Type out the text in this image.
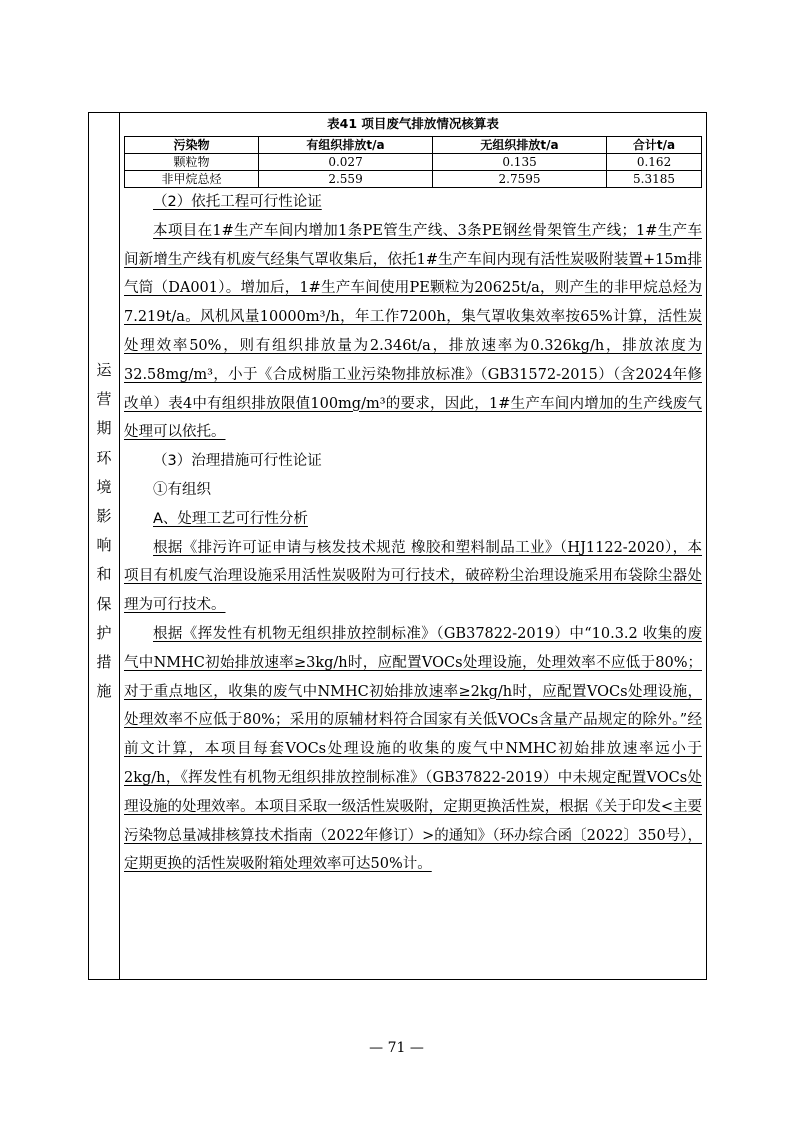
运
营
期
环
境
影
响
和
保
护
措
施
表41 项目废气排放情况核算表
污染物	有组织排放t/a	无组织排放t/a	合计t/a
颗粒物	0.027	0.135	0.162
非甲烷总烃	2.559	2.7595	5.3185
（2）依托工程可行性论证
本项目在1#生产车间内增加1条PE管生产线、3条PE钢丝骨架管生产线；1#生产车间新增生产线有机废气经集气罩收集后，依托1#生产车间内现有活性炭吸附装置+15m排气筒（DA001）。增加后，1#生产车间使用PE颗粒为20625t/a，则产生的非甲烷总烃为7.219t/a。风机风量10000m³/h，年工作7200h，集气罩收集效率按65%计算，活性炭处理效率50%，则有组织排放量为2.346t/a，排放速率为0.326kg/h，排放浓度为32.58mg/m³，小于《合成树脂工业污染物排放标准》（GB31572-2015）（含2024年修改单）表4中有组织排放限值100mg/m³的要求，因此，1#生产车间内增加的生产线废气处理可以依托。
（3）治理措施可行性论证
①有组织
A、处理工艺可行性分析
根据《排污许可证申请与核发技术规范 橡胶和塑料制品工业》（HJ1122-2020），本项目有机废气治理设施采用活性炭吸附为可行技术，破碎粉尘治理设施采用布袋除尘器处理为可行技术。
根据《挥发性有机物无组织排放控制标准》（GB37822-2019）中“10.3.2 收集的废气中NMHC初始排放速率≥3kg/h时，应配置VOCs处理设施，处理效率不应低于80%；对于重点地区，收集的废气中NMHC初始排放速率≥2kg/h时，应配置VOCs处理设施，处理效率不应低于80%；采用的原辅材料符合国家有关低VOCs含量产品规定的除外。”经前文计算，本项目每套VOCs处理设施的收集的废气中NMHC初始排放速率远小于2kg/h，《挥发性有机物无组织排放控制标准》（GB37822-2019）中未规定配置VOCs处理设施的处理效率。本项目采取一级活性炭吸附，定期更换活性炭，根据《关于印发<主要污染物总量减排核算技术指南（2022年修订）>的通知》（环办综合函〔2022〕350号），定期更换的活性炭吸附箱处理效率可达50%计。
— 71 —
